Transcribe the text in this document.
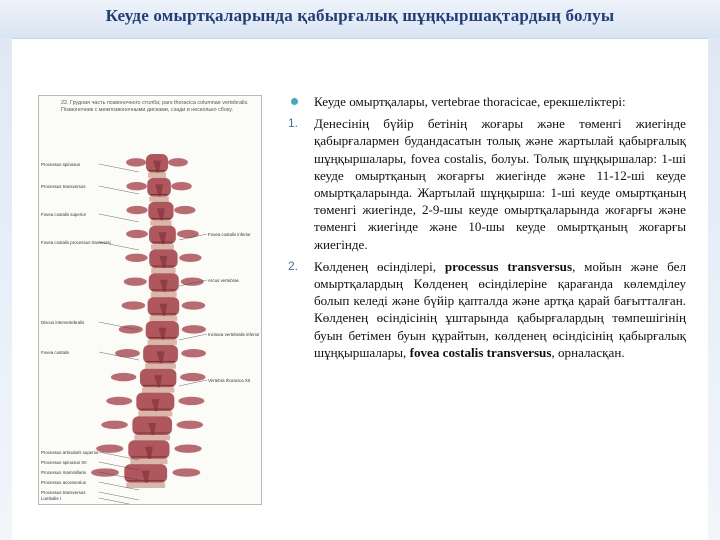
Кеуде омыртқаларында қабырғалық шұңқыршақтардың болуы
22. Грудная часть позвоночного столба; pars thoracica columnae vertebralis.
Позвоночник с межпозвоночными дисками, сзади и несколько сбоку.
Processus spinosus
Processus transversus
Fovea costalis superior
Fovea costalis processus transversi
Discus intervertebralis
Fovea costalis
Processus articularis superior
Processus spinosus XII
Processus mammillaris
Processus accessorius
Processus transversus
Lumbalis I
Fovea costalis inferior
Arcus vertebrae
Incisura vertebralis inferior
Vertebra thoracica XII

Кеуде омыртқалары, vertebrae thoracicae, ерекшеліктері:

1.	Денесінің бүйір бетінің жоғары және төменгі жиегінде қабырғалармен будандасатын толық және жартылай қабырғалық шұңқыршалары, fovea costalis, болуы. Толық шұңқыршалар: 1-ші кеуде омыртқаның жоғарғы жиегінде және 11-12-ші кеуде омыртқаларында. Жартылай шұңқырша: 1-ші кеуде омыртқаның төменгі жиегінде, 2-9-шы кеуде омыртқаларында жоғарғы және төменгі жиегінде және 10-шы кеуде омыртқаның жоғарғы жиегінде.

2.	Көлденең өсінділері, processus transversus, мойын және бел омыртқалардың Көлденең өсінділеріне қарағанда көлемділеу болып келеді және бүйір қапталда және артқа қарай бағытталған. Көлденең өсіндісінің ұштарында қабырғалардың төмпешігінің буын бетімен буын құрайтын, көлденең өсіндісінің қабырғалық шұңқыршалары, fovea costalis transversus, орналасқан.
